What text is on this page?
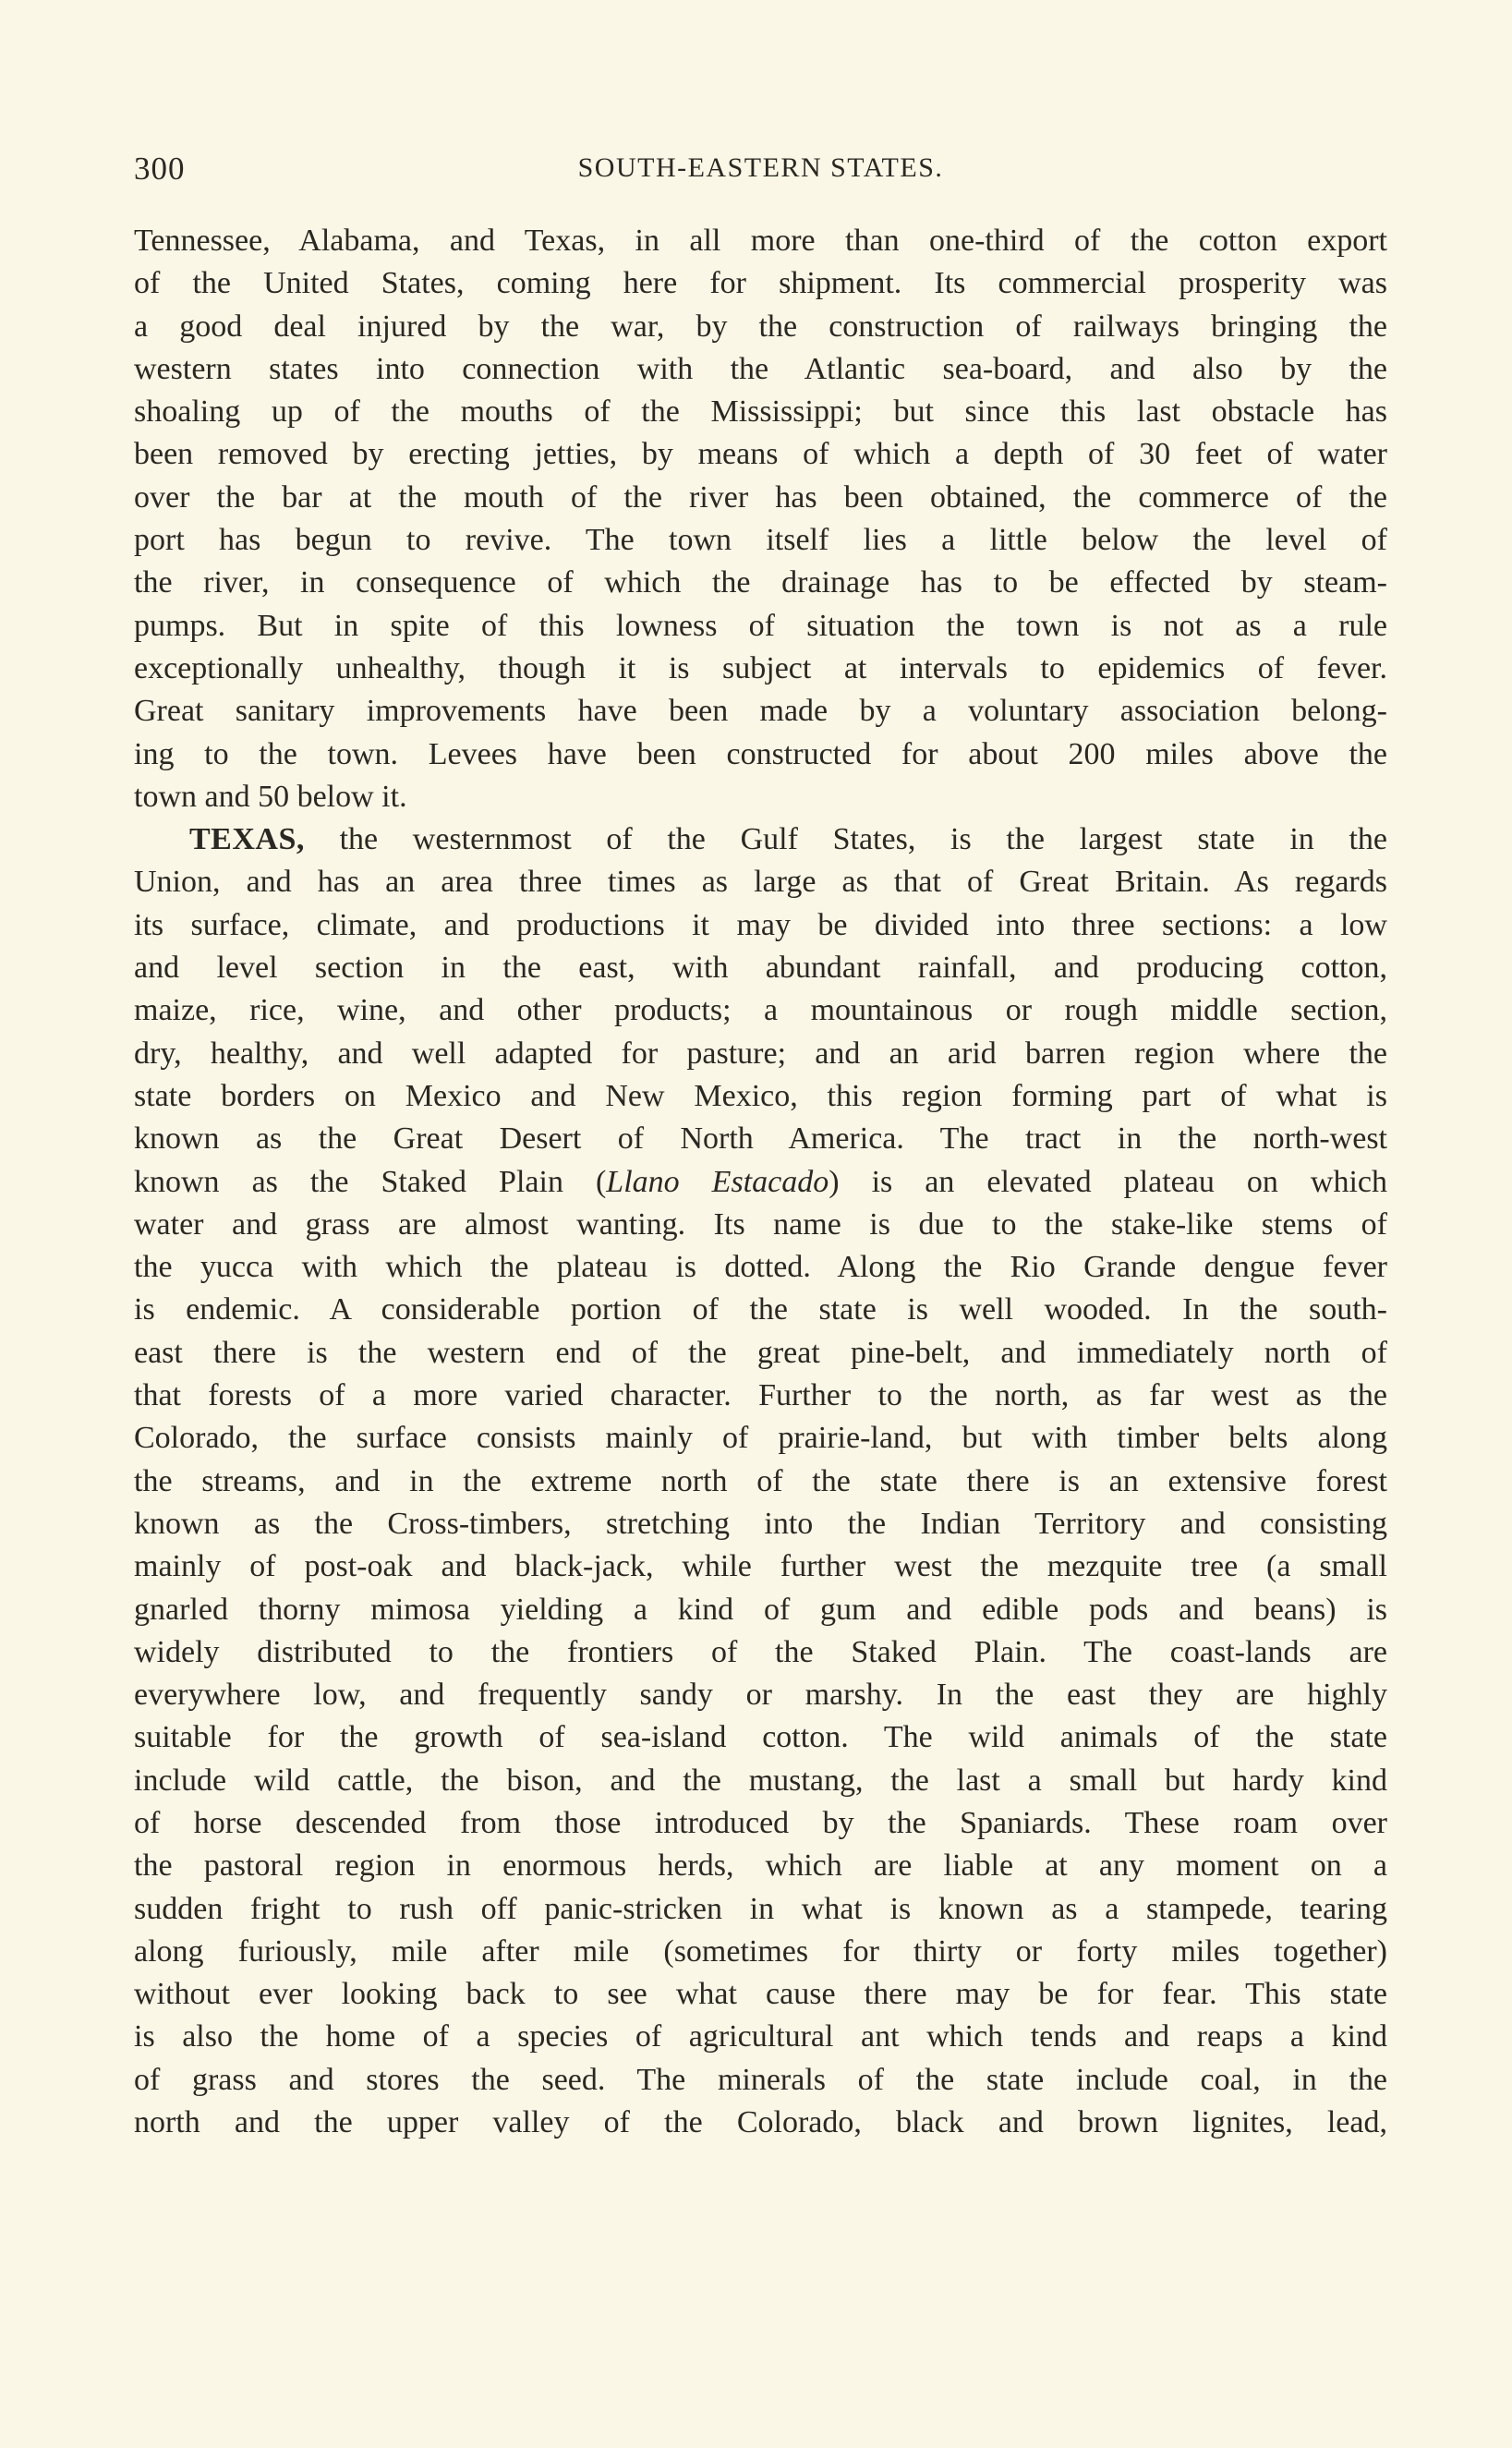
300	SOUTH-EASTERN STATES.
Tennessee, Alabama, and Texas, in all more than one-third of the cotton export
of the United States, coming here for shipment. Its commercial prosperity was
a good deal injured by the war, by the construction of railways bringing the
western states into connection with the Atlantic sea-board, and also by the
shoaling up of the mouths of the Mississippi; but since this last obstacle has
been removed by erecting jetties, by means of which a depth of 30 feet of water
over the bar at the mouth of the river has been obtained, the commerce of the
port has begun to revive. The town itself lies a little below the level of
the river, in consequence of which the drainage has to be effected by steam-
pumps. But in spite of this lowness of situation the town is not as a rule
exceptionally unhealthy, though it is subject at intervals to epidemics of fever.
Great sanitary improvements have been made by a voluntary association belong-
ing to the town. Levees have been constructed for about 200 miles above the
town and 50 below it.
TEXAS, the westernmost of the Gulf States, is the largest state in the
Union, and has an area three times as large as that of Great Britain. As regards
its surface, climate, and productions it may be divided into three sections: a low
and level section in the east, with abundant rainfall, and producing cotton,
maize, rice, wine, and other products; a mountainous or rough middle section,
dry, healthy, and well adapted for pasture; and an arid barren region where the
state borders on Mexico and New Mexico, this region forming part of what is
known as the Great Desert of North America. The tract in the north-west
known as the Staked Plain (Llano Estacado) is an elevated plateau on which
water and grass are almost wanting. Its name is due to the stake-like stems of
the yucca with which the plateau is dotted. Along the Rio Grande dengue fever
is endemic. A considerable portion of the state is well wooded. In the south-
east there is the western end of the great pine-belt, and immediately north of
that forests of a more varied character. Further to the north, as far west as the
Colorado, the surface consists mainly of prairie-land, but with timber belts along
the streams, and in the extreme north of the state there is an extensive forest
known as the Cross-timbers, stretching into the Indian Territory and consisting
mainly of post-oak and black-jack, while further west the mezquite tree (a small
gnarled thorny mimosa yielding a kind of gum and edible pods and beans) is
widely distributed to the frontiers of the Staked Plain. The coast-lands are
everywhere low, and frequently sandy or marshy. In the east they are highly
suitable for the growth of sea-island cotton. The wild animals of the state
include wild cattle, the bison, and the mustang, the last a small but hardy kind
of horse descended from those introduced by the Spaniards. These roam over
the pastoral region in enormous herds, which are liable at any moment on a
sudden fright to rush off panic-stricken in what is known as a stampede, tearing
along furiously, mile after mile (sometimes for thirty or forty miles together)
without ever looking back to see what cause there may be for fear. This state
is also the home of a species of agricultural ant which tends and reaps a kind
of grass and stores the seed. The minerals of the state include coal, in the
north and the upper valley of the Colorado, black and brown lignites, lead,
